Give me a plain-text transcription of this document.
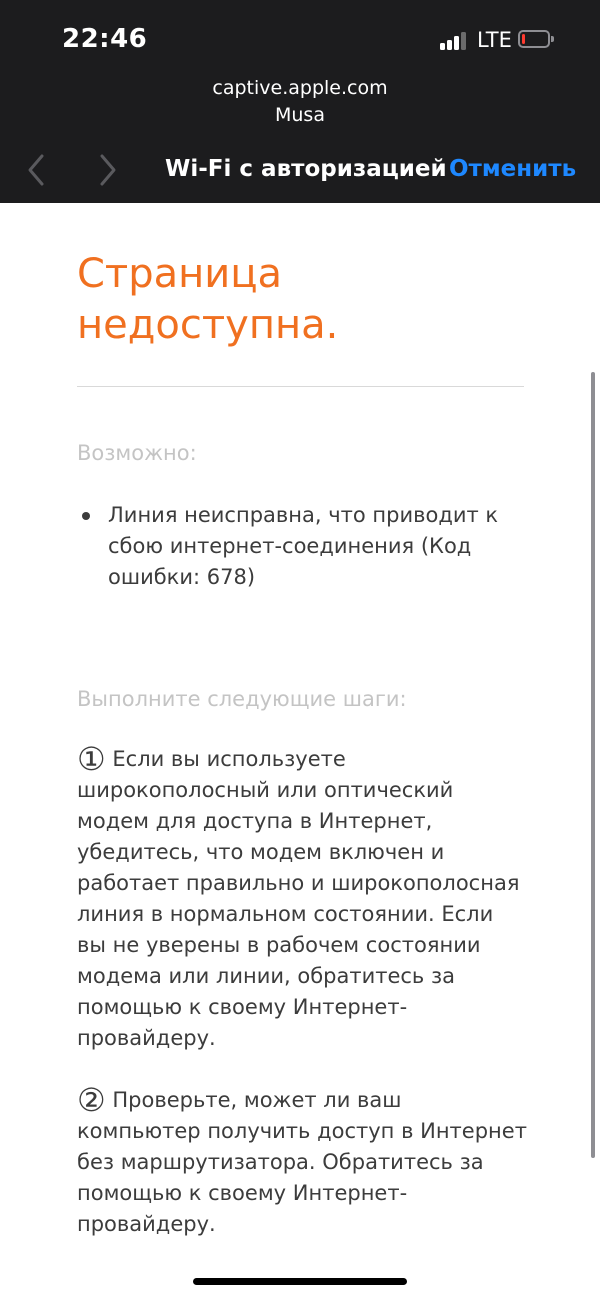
22:46	LTE
captive.apple.com
Musa
Wi-Fi с авторизацией Отменить
Страница недоступна.
Возможно:
Линия неисправна, что приводит к сбою интернет-соединения (Код ошибки: 678)
Выполните следующие шаги:
① Если вы используете широкополосный или оптический модем для доступа в Интернет, убедитесь, что модем включен и работает правильно и широкополосная линия в нормальном состоянии. Если вы не уверены в рабочем состоянии модема или линии, обратитесь за помощью к своему Интернет-провайдеру.
② Проверьте, может ли ваш компьютер получить доступ в Интернет без маршрутизатора. Обратитесь за помощью к своему Интернет-провайдеру.
